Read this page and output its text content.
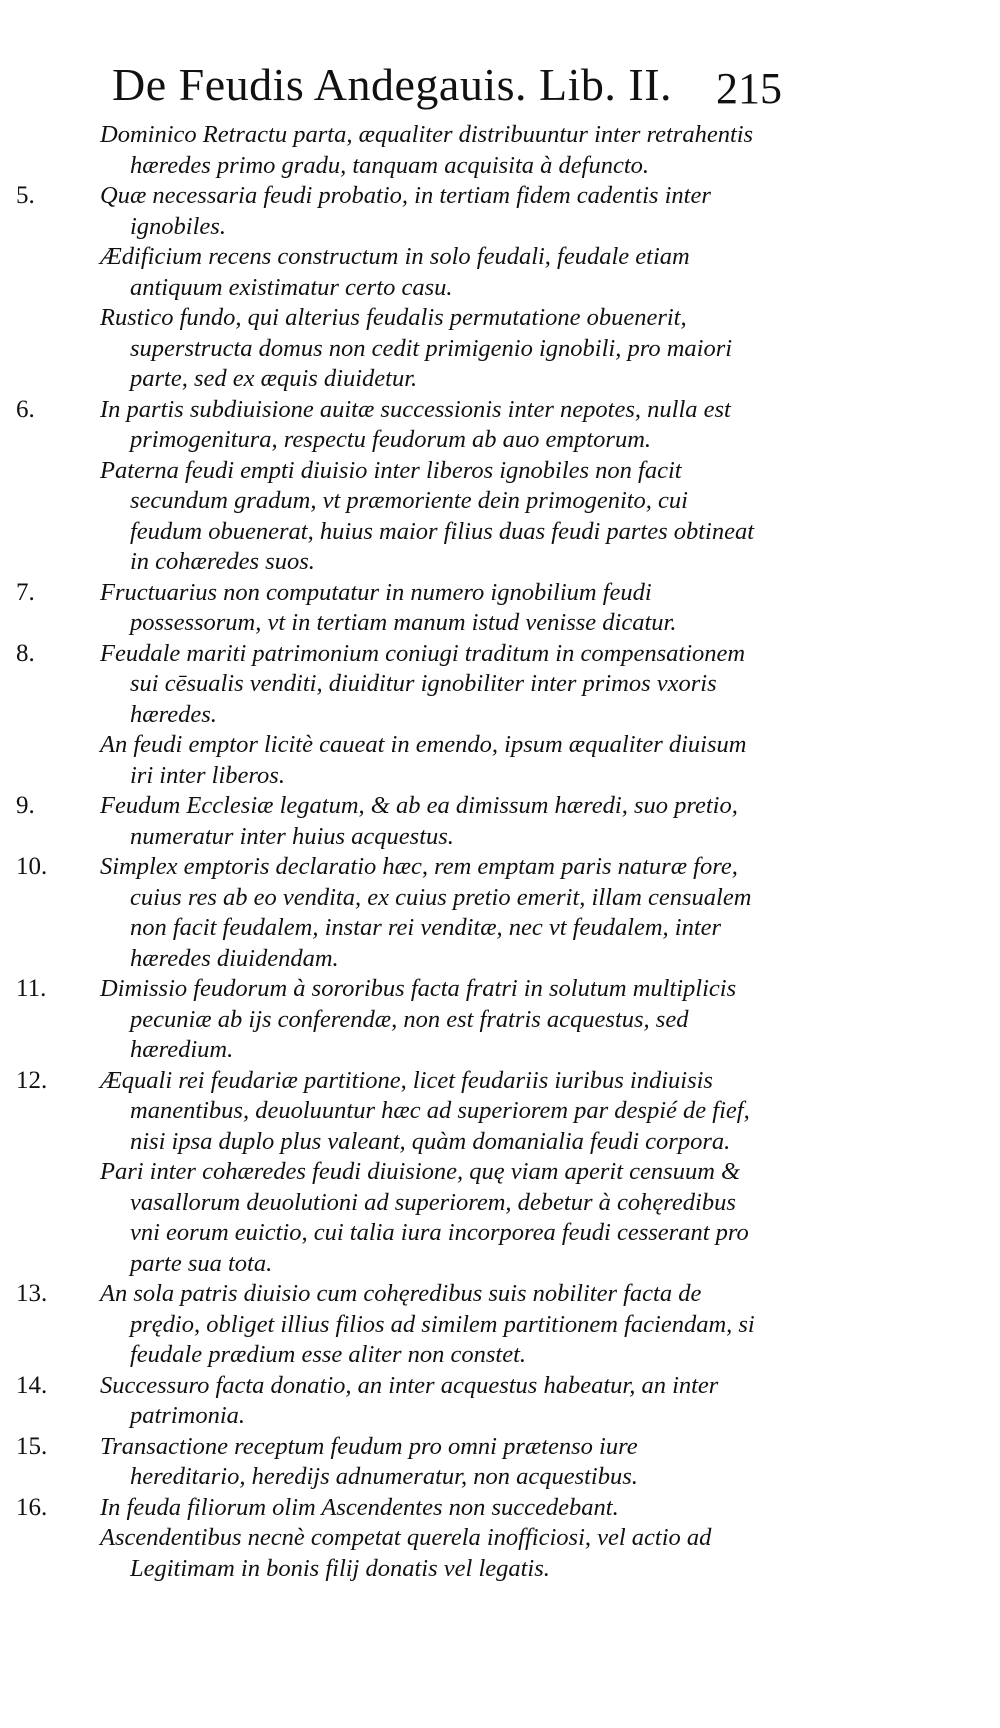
De Feudis Andegauis. Lib. II. 215
Dominico Retractu parta, æqualiter distribuuntur inter retrahentis hæredes primo gradu, tanquam acquisita à defuncto.
5.	Quæ necessaria feudi probatio, in tertiam fidem cadentis inter ignobiles.
Ædificium recens constructum in solo feudali, feudale etiam antiquum existimatur certo casu.
Rustico fundo, qui alterius feudalis permutatione obuenerit, superstructa domus non cedit primigenio ignobili, pro maiori parte, sed ex æquis diuidetur.
6.	In partis subdiuisione auitæ successionis inter nepotes, nulla est primogenitura, respectu feudorum ab auo emptorum.
Paterna feudi empti diuisio inter liberos ignobiles non facit secundum gradum, vt præmoriente dein primogenito, cui feudum obuenerat, huius maior filius duas feudi partes obtineat in cohæredes suos.
7.	Fructuarius non computatur in numero ignobilium feudi possessorum, vt in tertiam manum istud venisse dicatur.
8.	Feudale mariti patrimonium coniugi traditum in compensationem sui cēsualis venditi, diuiditur ignobiliter inter primos vxoris hæredes.
An feudi emptor licitè caueat in emendo, ipsum æqualiter diuisum iri inter liberos.
9.	Feudum Ecclesiæ legatum, & ab ea dimissum hæredi, suo pretio, numeratur inter huius acquestus.
10.	Simplex emptoris declaratio hæc, rem emptam paris naturæ fore, cuius res ab eo vendita, ex cuius pretio emerit, illam censualem non facit feudalem, instar rei venditæ, nec vt feudalem, inter hæredes diuidendam.
11.	Dimissio feudorum à sororibus facta fratri in solutum multiplicis pecuniæ ab ijs conferendæ, non est fratris acquestus, sed hæredium.
12.	Æquali rei feudariæ partitione, licet feudariis iuribus indiuisis manentibus, deuoluuntur hæc ad superiorem par despié de fief, nisi ipsa duplo plus valeant, quàm domanialia feudi corpora.
Pari inter cohæredes feudi diuisione, quę viam aperit censuum & vasallorum deuolutioni ad superiorem, debetur à cohęredibus vni eorum euictio, cui talia iura incorporea feudi cesserant pro parte sua tota.
13.	An sola patris diuisio cum cohęredibus suis nobiliter facta de prędio, obliget illius filios ad similem partitionem faciendam, si feudale prædium esse aliter non constet.
14.	Successuro facta donatio, an inter acquestus habeatur, an inter patrimonia.
15.	Transactione receptum feudum pro omni prætenso iure hereditario, heredijs adnumeratur, non acquestibus.
16.	In feuda filiorum olim Ascendentes non succedebant.
Ascendentibus necnè competat querela inofficiosi, vel actio ad Legitimam in bonis filij donatis vel legatis.
